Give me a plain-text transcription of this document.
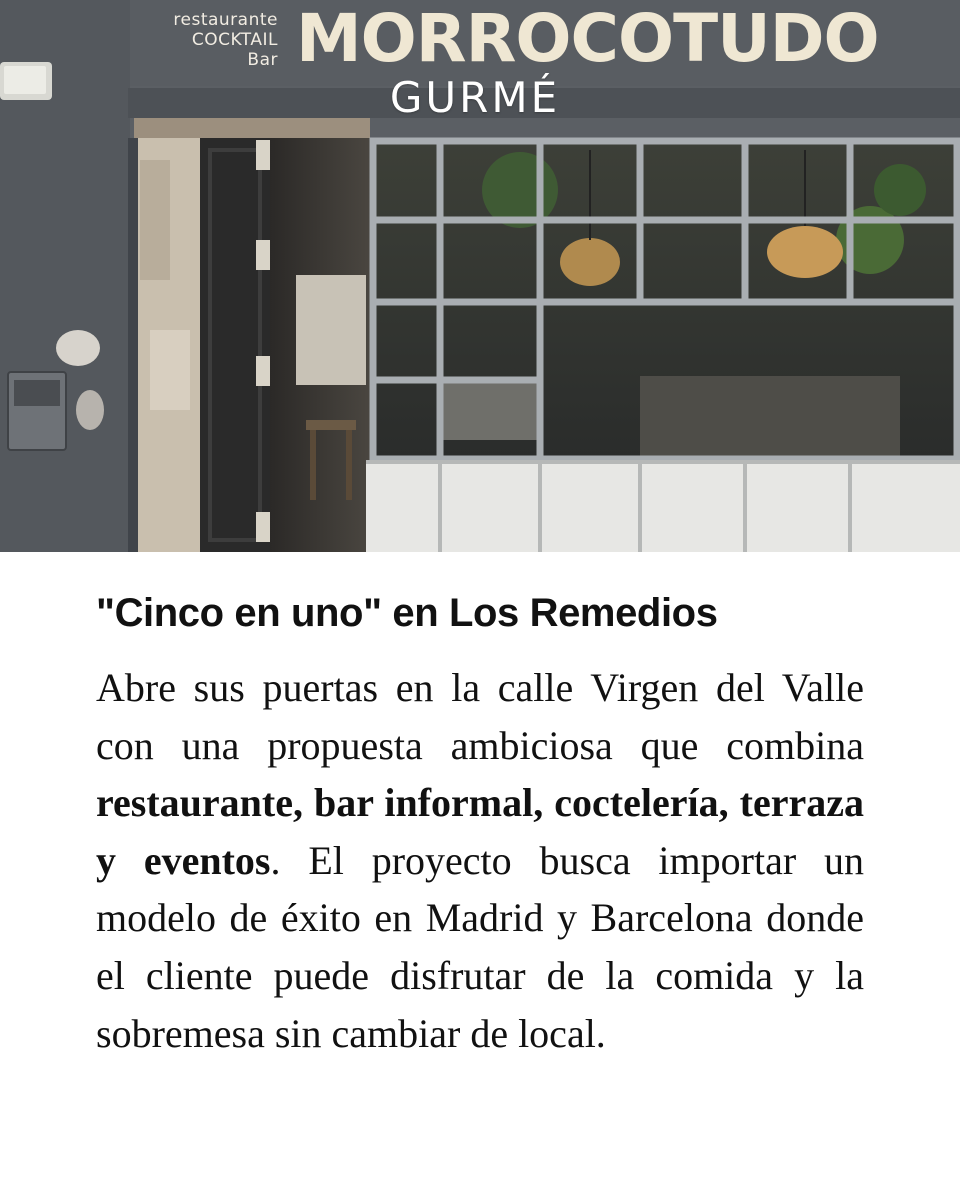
restaurante
COCKTAIL
Bar MORROCOTUDO
GURMÉ
"Cinco en uno" en Los Remedios

Abre sus puertas en la calle Virgen del Valle con una propuesta ambiciosa que combina restaurante, bar informal, coctelería, terraza y eventos. El proyecto busca importar un modelo de éxito en Madrid y Barcelona donde el cliente puede disfrutar de la comida y la sobremesa sin cambiar de local.
